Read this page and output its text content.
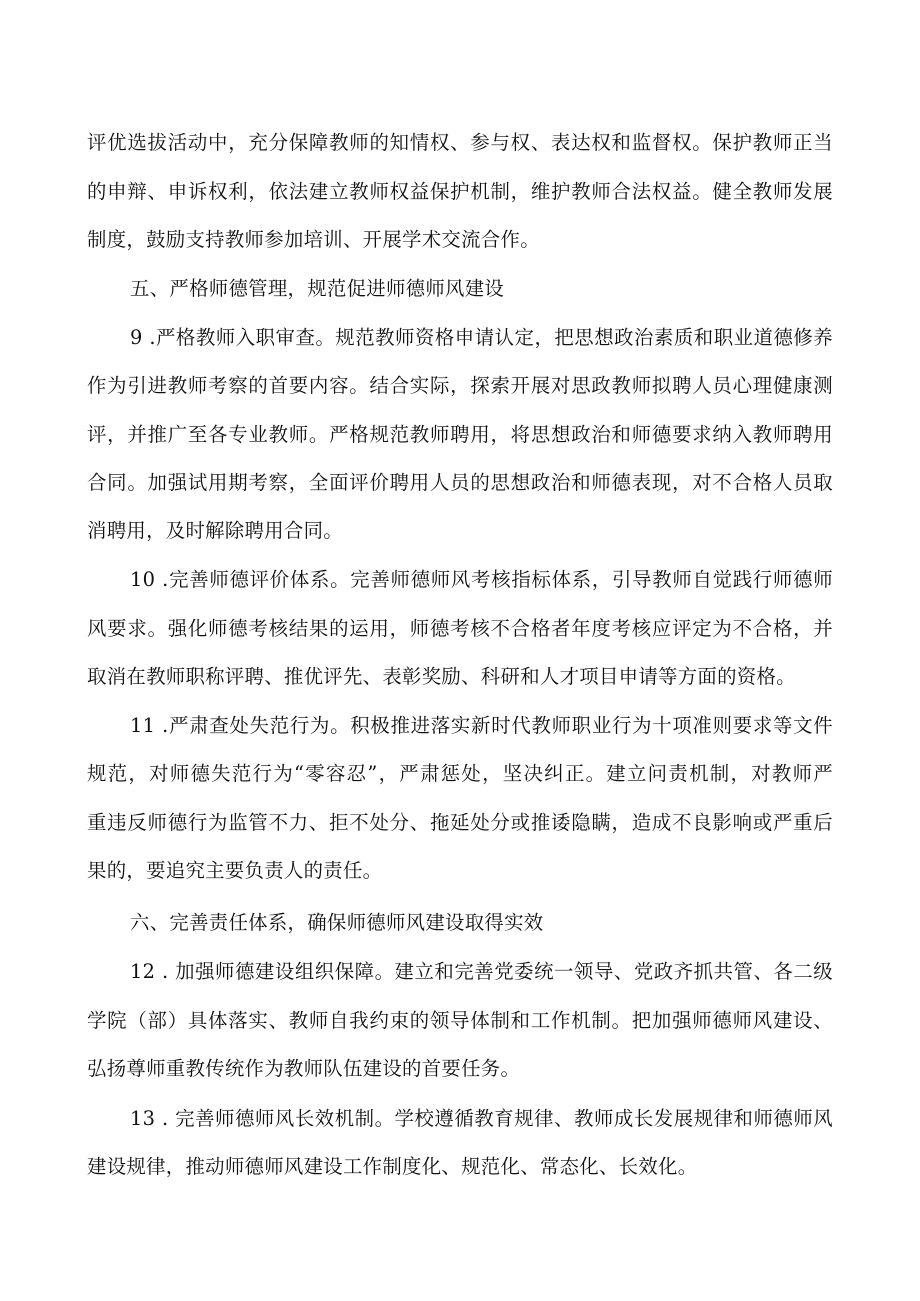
评优选拔活动中，充分保障教师的知情权、参与权、表达权和监督权。保护教师正当
的申辩、申诉权利，依法建立教师权益保护机制，维护教师合法权益。健全教师发展
制度，鼓励支持教师参加培训、开展学术交流合作。
五、严格师德管理，规范促进师德师风建设
9 .严格教师入职审查。规范教师资格申请认定，把思想政治素质和职业道德修养
作为引进教师考察的首要内容。结合实际，探索开展对思政教师拟聘人员心理健康测
评，并推广至各专业教师。严格规范教师聘用，将思想政治和师德要求纳入教师聘用
合同。加强试用期考察，全面评价聘用人员的思想政治和师德表现，对不合格人员取
消聘用，及时解除聘用合同。
10 .完善师德评价体系。完善师德师风考核指标体系，引导教师自觉践行师德师
风要求。强化师德考核结果的运用，师德考核不合格者年度考核应评定为不合格，并
取消在教师职称评聘、推优评先、表彰奖励、科研和人才项目申请等方面的资格。
11 .严肃查处失范行为。积极推进落实新时代教师职业行为十项准则要求等文件
规范，对师德失范行为“零容忍”，严肃惩处，坚决纠正。建立问责机制，对教师严
重违反师德行为监管不力、拒不处分、拖延处分或推诿隐瞒，造成不良影响或严重后
果的，要追究主要负责人的责任。
六、完善责任体系，确保师德师风建设取得实效
12 . 加强师德建设组织保障。建立和完善党委统一领导、党政齐抓共管、各二级
学院（部）具体落实、教师自我约束的领导体制和工作机制。把加强师德师风建设、
弘扬尊师重教传统作为教师队伍建设的首要任务。
13 . 完善师德师风长效机制。学校遵循教育规律、教师成长发展规律和师德师风
建设规律，推动师德师风建设工作制度化、规范化、常态化、长效化。
